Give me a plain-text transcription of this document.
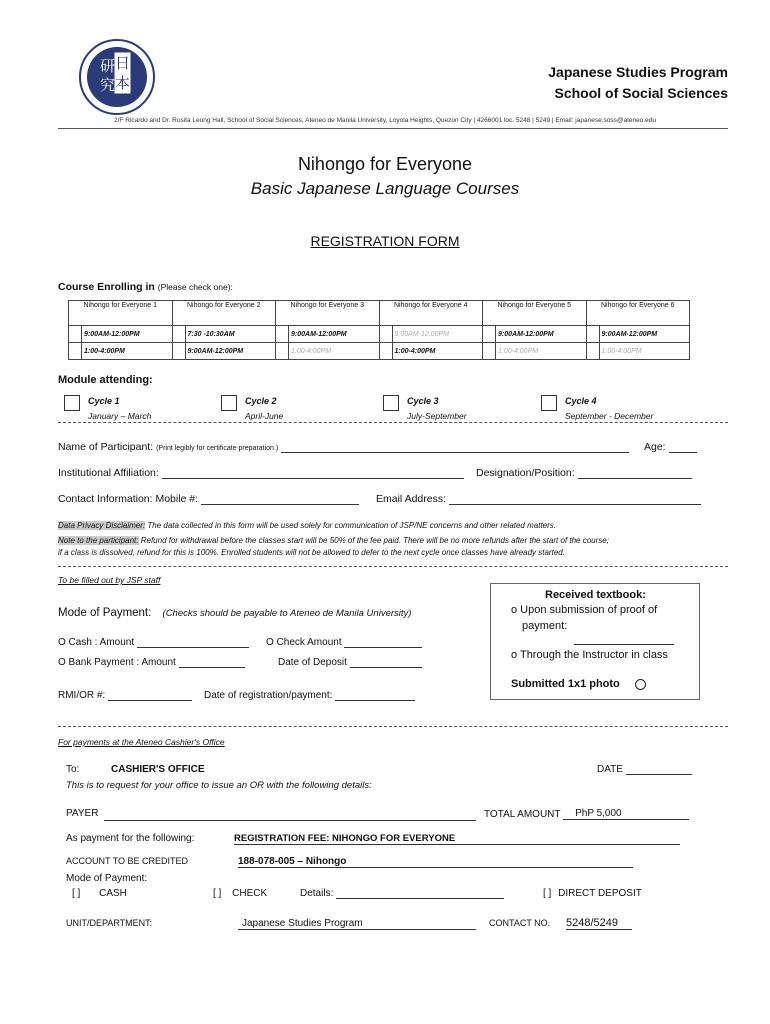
研
究
日
本
Japanese Studies Program
School of Social Sciences
2/F Ricardo and Dr. Rosita Leong Hall, School of Social Sciences, Ateneo de Manila University, Loyola Heights, Quezon City | 4266001 loc. 5248 | 5249 | Email: japanese.soss@ateneo.edu
Nihongo for Everyone
Basic Japanese Language Courses
REGISTRATION FORM
Course Enrolling in (Please check one):
Nihongo for Everyone 1		Nihongo for Everyone 2		Nihongo for Everyone 3		Nihongo for Everyone 4		Nihongo for Everyone 5		Nihongo for Everyone 6	
	9:00AM-12:00PM		7:30 -10:30AM		9:00AM-12:00PM		9:00AM-12:00PM		9:00AM-12:00PM		9:00AM-12:00PM
	1:00-4:00PM		9:00AM-12:00PM		1:00-4:00PM		1:00-4:00PM		1:00-4:00PM		1:00-4:00PM
Module attending:
Cycle 1
January – March
Cycle 2
April-June
Cycle 3
July-September
Cycle 4
September - December
Name of Participant: (Print legibly for certificate preparation.)	Age:
Institutional Affiliation:	Designation/Position:
Contact Information: Mobile #:	Email Address:
Data Privacy Disclaimer: The data collected in this form will be used solely for communication of JSP/NE concerns and other related matters.
Note to the participant: Refund for withdrawal before the classes start will be 50% of the fee paid. There will be no more refunds after the start of the course;
if a class is dissolved, refund for this is 100%. Enrolled students will not be allowed to defer to the next cycle once classes have already started.
To be filled out by JSP staff
Mode of Payment: (Checks should be payable to Ateneo de Manila University)
O Cash : Amount	O Check Amount
O Bank Payment : Amount	Date of Deposit
RMI/OR #:	Date of registration/payment:
Received textbook:
o Upon submission of proof of
payment:
o Through the Instructor in class
Submitted 1x1 photo
For payments at the Ateneo Cashier's Office
To:	CASHIER'S OFFICE	DATE
This is to request for your office to issue an OR with the following details:
PAYER	TOTAL AMOUNT PhP 5,000
As payment for the following:	REGISTRATION FEE: NIHONGO FOR EVERYONE
ACCOUNT TO BE CREDITED	188-078-005 – Nihongo
Mode of Payment:
[ ] CASH	[ ] CHECK	Details:	[ ] DIRECT DEPOSIT
UNIT/DEPARTMENT:	Japanese Studies Program	CONTACT NO. 5248/5249
